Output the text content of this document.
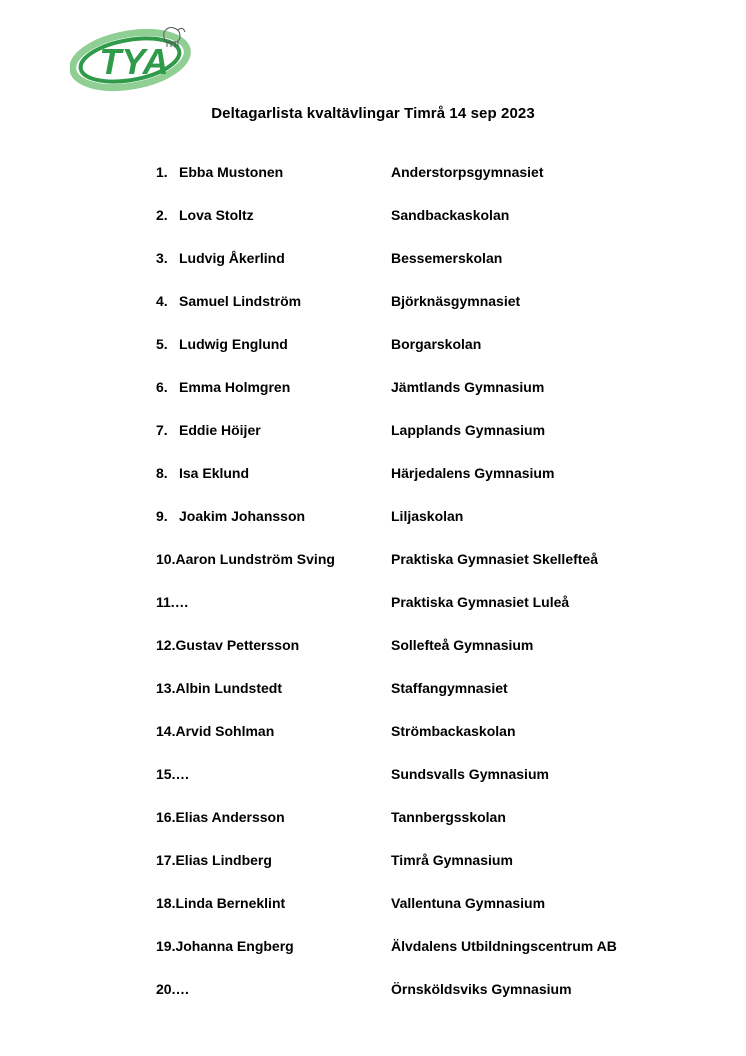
TYA
Deltagarlista kvaltävlingar Timrå 14 sep 2023
1. Ebba Mustonen	Anderstorpsgymnasiet
2. Lova Stoltz	Sandbackaskolan
3. Ludvig Åkerlind	Bessemerskolan
4. Samuel Lindström	Björknäsgymnasiet
5. Ludwig Englund	Borgarskolan
6. Emma Holmgren	Jämtlands Gymnasium
7. Eddie Höijer	Lapplands Gymnasium
8. Isa Eklund	Härjedalens Gymnasium
9. Joakim Johansson	Liljaskolan
10. Aaron Lundström Sving	Praktiska Gymnasiet Skellefteå
11. …	Praktiska Gymnasiet Luleå
12. Gustav Pettersson	Sollefteå Gymnasium
13. Albin Lundstedt	Staffangymnasiet
14. Arvid Sohlman	Strömbackaskolan
15. …	Sundsvalls Gymnasium
16. Elias Andersson	Tannbergsskolan
17. Elias Lindberg	Timrå Gymnasium
18. Linda Berneklint	Vallentuna Gymnasium
19. Johanna Engberg	Älvdalens Utbildningscentrum AB
20. …	Örnsköldsviks Gymnasium
